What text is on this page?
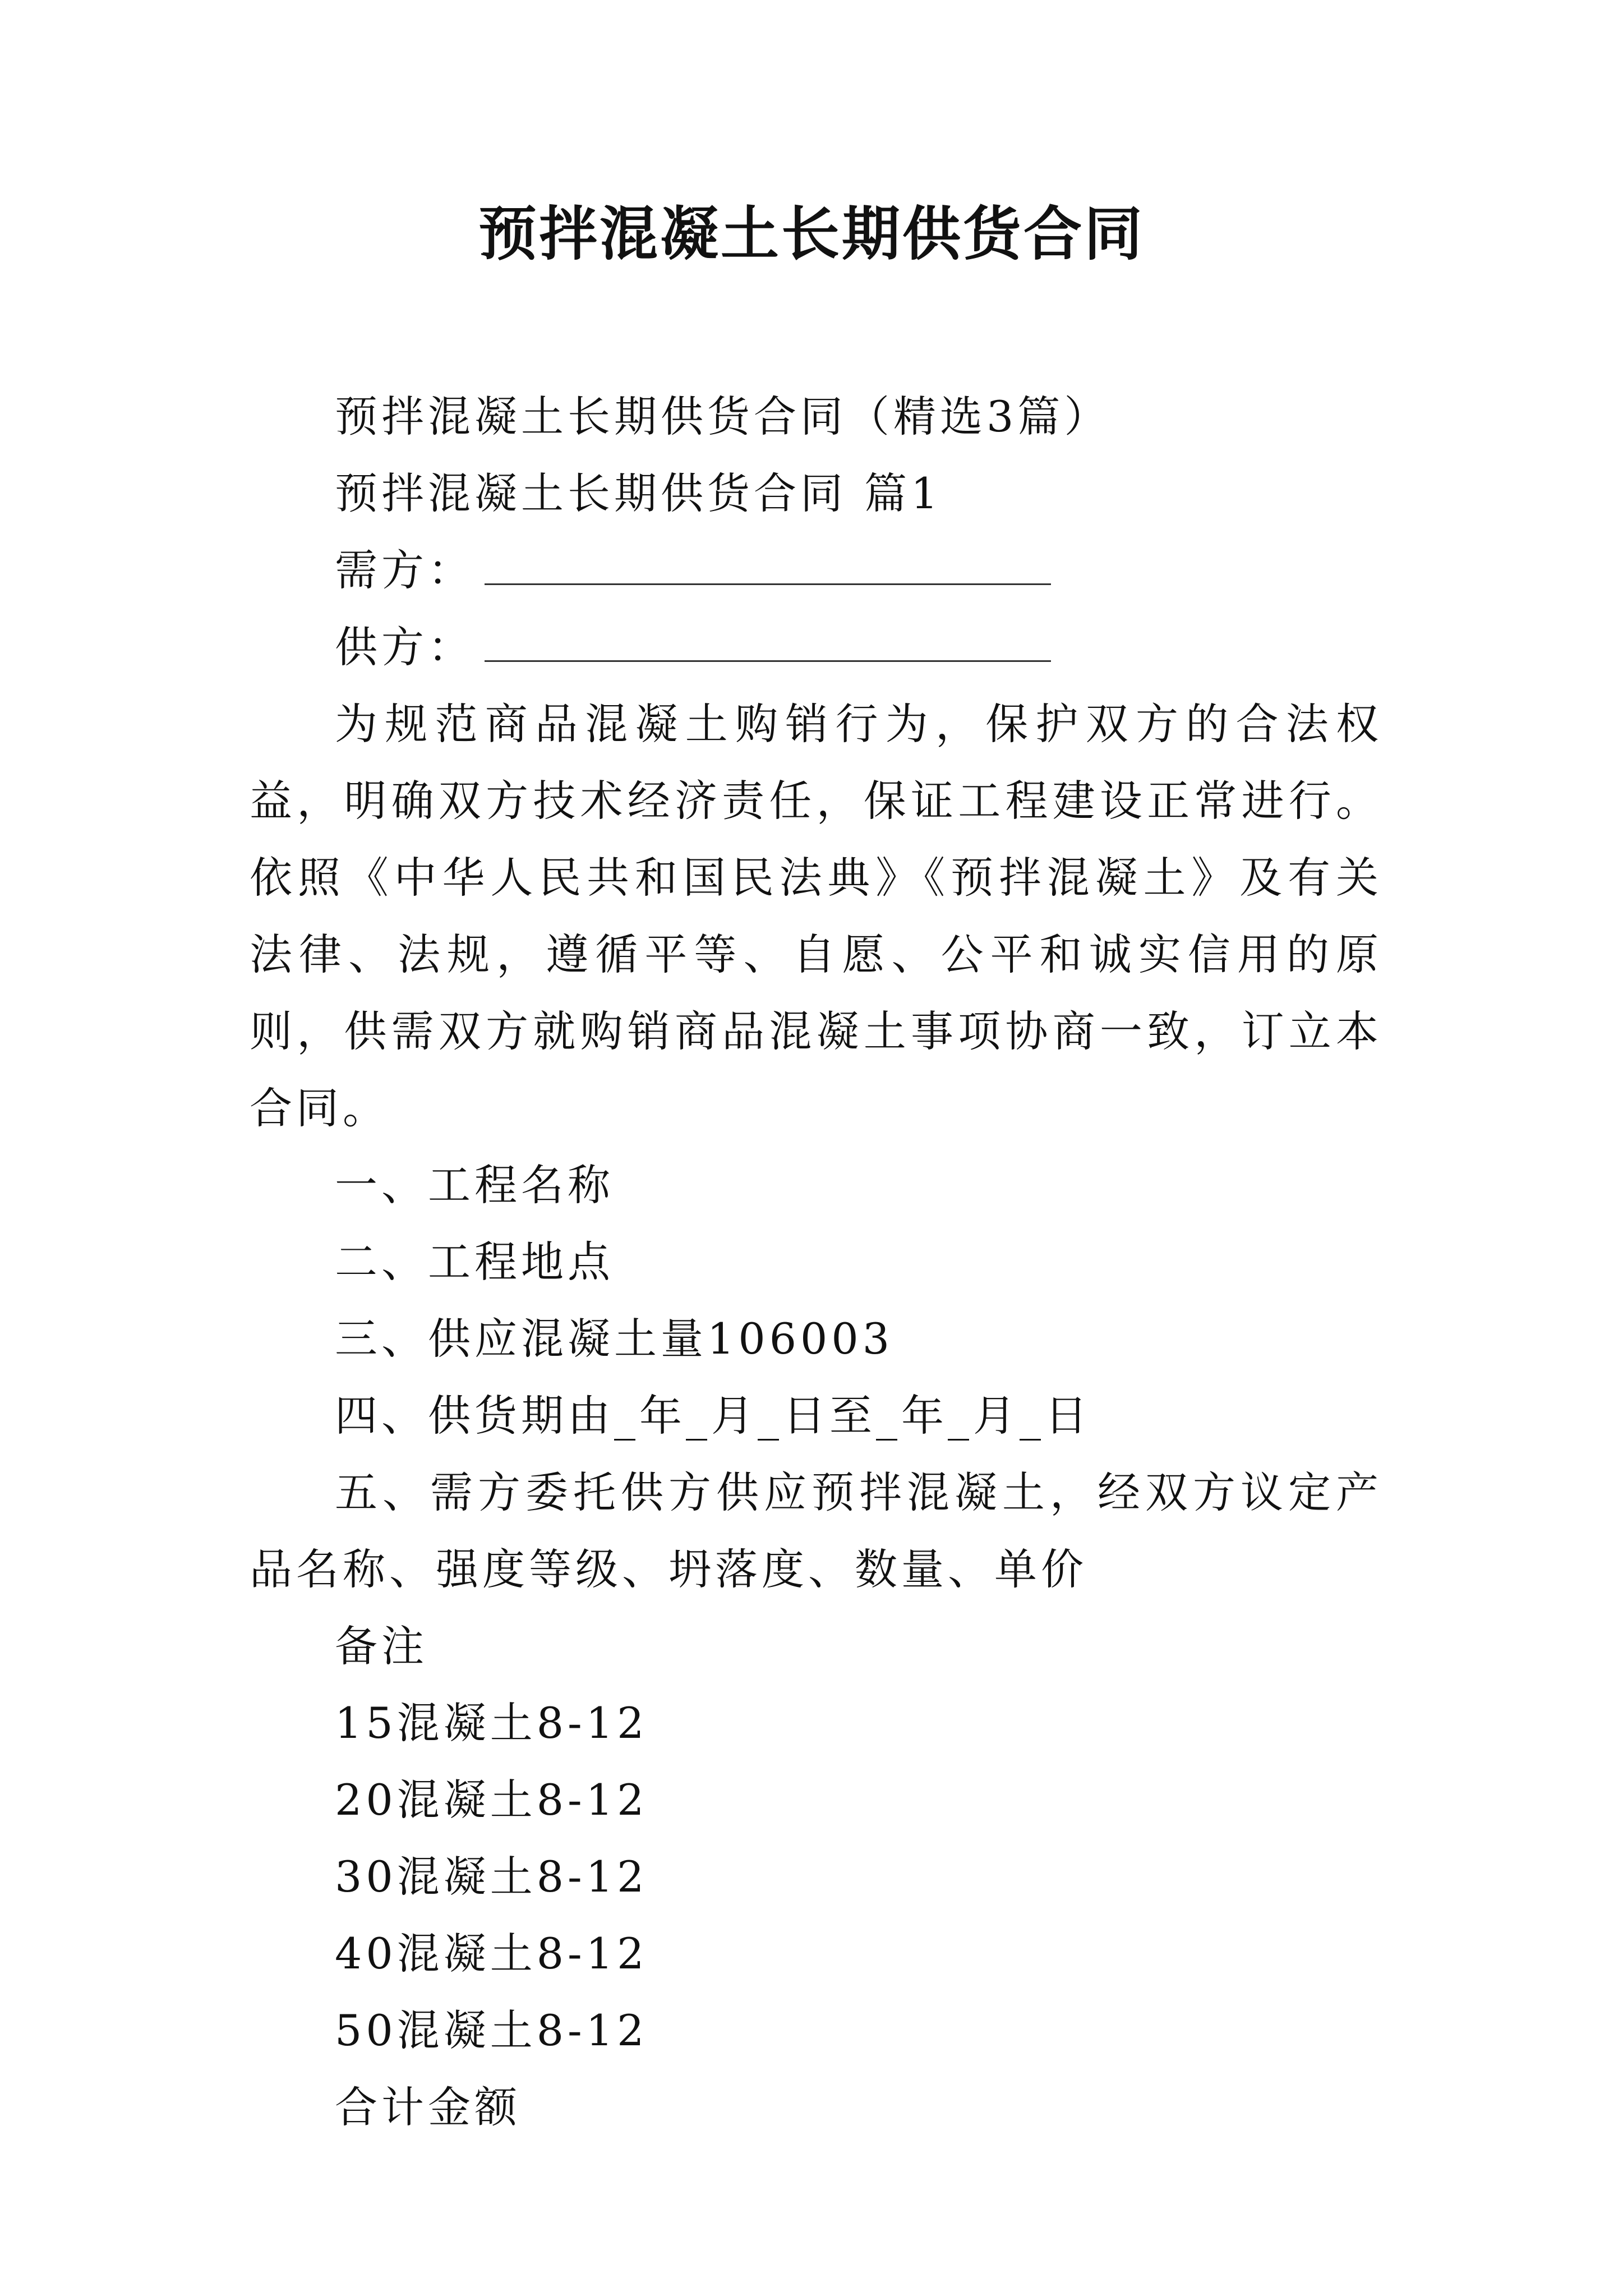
预拌混凝土长期供货合同

预拌混凝土长期供货合同（精选3篇）

预拌混凝土长期供货合同 篇1

需方：

供方：

为规范商品混凝土购销行为，保护双方的合法权益，明确双方技术经济责任，保证工程建设正常进行。依照《中华人民共和国民法典》《预拌混凝土》及有关法律、法规，遵循平等、自愿、公平和诚实信用的原则，供需双方就购销商品混凝土事项协商一致，订立本合同。

一、工程名称

二、工程地点

三、供应混凝土量106003

四、供货期由_年_月_日至_年_月_日

五、需方委托供方供应预拌混凝土，经双方议定产品名称、强度等级、坍落度、数量、单价

备注

15混凝土8-12

20混凝土8-12

30混凝土8-12

40混凝土8-12

50混凝土8-12

合计金额
